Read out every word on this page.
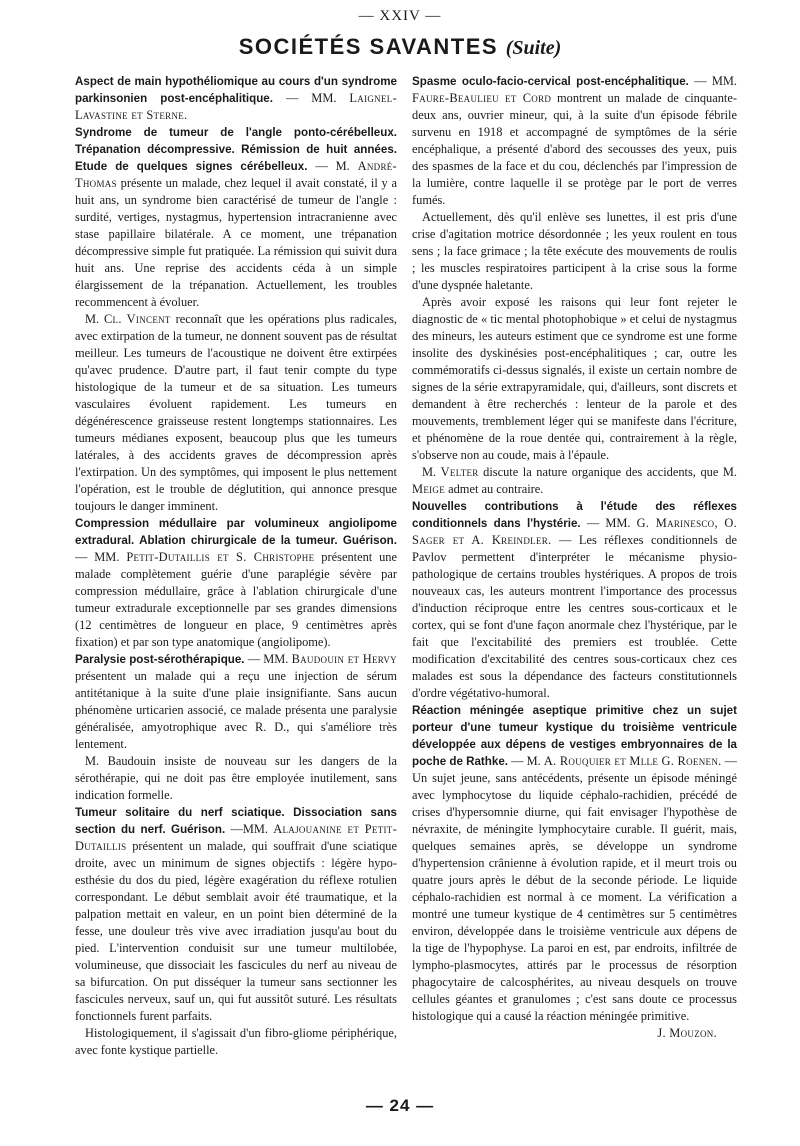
— XXIV —
SOCIÉTÉS SAVANTES (Suite)

Aspect de main hypothéliomique au cours d'un syndrome parkinsonien post-encéphalitique. — MM. Laignel-Lavastine et Sterne.

Syndrome de tumeur de l'angle ponto-cérébelleux. Trépanation décompressive. Rémission de huit années. Etude de quelques signes cérébelleux. — M. André-Thomas présente un malade, chez lequel il avait constaté, il y a huit ans, un syndrome bien caractérisé de tumeur de l'angle : surdité, vertiges, nystagmus, hypertension intracranienne avec stase papillaire bilatérale. A ce moment, une trépanation décompressive simple fut pratiquée. La rémission qui suivit dura huit ans. Une reprise des accidents céda à un simple élargissement de la trépanation. Actuellement, les troubles recommencent à évoluer.

M. Cl. Vincent reconnaît que les opérations plus radicales, avec extirpation de la tumeur, ne donnent souvent pas de résultat meilleur. Les tumeurs de l'acoustique ne doivent être extirpées qu'avec prudence. D'autre part, il faut tenir compte du type histologique de la tumeur et de sa situation. Les tumeurs vasculaires évoluent rapidement. Les tumeurs en dégénérescence graisseuse restent longtemps stationnaires. Les tumeurs médianes exposent, beaucoup plus que les tumeurs latérales, à des accidents graves de décompression après l'extirpation. Un des symptômes, qui imposent le plus nettement l'opération, est le trouble de déglutition, qui annonce presque toujours le danger imminent.

Compression médullaire par volumineux angiolipome extradural. Ablation chirurgicale de la tumeur. Guérison. — MM. Petit-Dutaillis et S. Christophe présentent une malade complètement guérie d'une paraplégie sévère par compression médullaire, grâce à l'ablation chirurgicale d'une tumeur extradurale exceptionnelle par ses grandes dimensions (12 centimètres de longueur en place, 9 centimètres après fixation) et par son type anatomique (angiolipome).

Paralysie post-sérothérapique. — MM. Baudouin et Hervy présentent un malade qui a reçu une injection de sérum antitétanique à la suite d'une plaie insignifiante. Sans aucun phénomène urticarien associé, ce malade présenta une paralysie généralisée, amyotrophique avec R. D., qui s'améliore très lentement.

M. Baudouin insiste de nouveau sur les dangers de la sérothérapie, qui ne doit pas être employée inutilement, sans indication formelle.

Tumeur solitaire du nerf sciatique. Dissociation sans section du nerf. Guérison. —MM. Alajouanine et Petit-Dutaillis présentent un malade, qui souffrait d'une sciatique droite, avec un minimum de signes objectifs : légère hypo-esthésie du dos du pied, légère exagération du réflexe rotulien correspondant. Le début semblait avoir été traumatique, et la palpation mettait en valeur, en un point bien déterminé de la fesse, une douleur très vive avec irradiation jusqu'au bout du pied. L'intervention conduisit sur une tumeur multilobée, volumineuse, que dissociait les fascicules du nerf au niveau de sa bifurcation. On put disséquer la tumeur sans sectionner les fascicules nerveux, sauf un, qui fut aussitôt suturé. Les résultats fonctionnels furent parfaits.

Histologiquement, il s'agissait d'un fibro-gliome périphérique, avec fonte kystique partielle.

Spasme oculo-facio-cervical post-encéphalitique. — MM. Faure-Beaulieu et Cord montrent un malade de cinquante-deux ans, ouvrier mineur, qui, à la suite d'un épisode fébrile survenu en 1918 et accompagné de symptômes de la série encéphalique, a présenté d'abord des secousses des yeux, puis des spasmes de la face et du cou, déclenchés par l'impression de la lumière, contre laquelle il se protège par le port de verres fumés.

Actuellement, dès qu'il enlève ses lunettes, il est pris d'une crise d'agitation motrice désordonnée ; les yeux roulent en tous sens ; la face grimace ; la tête exécute des mouvements de roulis ; les muscles respiratoires participent à la crise sous la forme d'une dyspnée haletante.

Après avoir exposé les raisons qui leur font rejeter le diagnostic de « tic mental photophobique » et celui de nystagmus des mineurs, les auteurs estiment que ce syndrome est une forme insolite des dyskinésies post-encéphalitiques ; car, outre les commémoratifs ci-dessus signalés, il existe un certain nombre de signes de la série extrapyramidale, qui, d'ailleurs, sont discrets et demandent à être recherchés : lenteur de la parole et des mouvements, tremblement léger qui se manifeste dans l'écriture, et phénomène de la roue dentée qui, contrairement à la règle, s'observe non au coude, mais à l'épaule.

M. Velter discute la nature organique des accidents, que M. Meige admet au contraire.

Nouvelles contributions à l'étude des réflexes conditionnels dans l'hystérie. — MM. G. Marinesco, O. Sager et A. Kreindler. — Les réflexes conditionnels de Pavlov permettent d'interpréter le mécanisme physio-pathologique de certains troubles hystériques. A propos de trois nouveaux cas, les auteurs montrent l'importance des processus d'induction réciproque entre les centres sous-corticaux et le cortex, qui se font d'une façon anormale chez l'hystérique, par le fait que l'excitabilité des premiers est troublée. Cette modification d'excitabilité des centres sous-corticaux chez ces malades est sous la dépendance des facteurs constitutionnels d'ordre végétativo-humoral.

Réaction méningée aseptique primitive chez un sujet porteur d'une tumeur kystique du troisième ventricule développée aux dépens de vestiges embryonnaires de la poche de Rathke. — M. A. Rouquier et Mlle G. Roenen. — Un sujet jeune, sans antécédents, présente un épisode méningé avec lymphocytose du liquide céphalo-rachidien, précédé de crises d'hypersomnie diurne, qui fait envisager l'hypothèse de névraxite, de méningite lymphocytaire curable. Il guérit, mais, quelques semaines après, se développe un syndrome d'hypertension crânienne à évolution rapide, et il meurt trois ou quatre jours après le début de la seconde période. Le liquide céphalo-rachidien est normal à ce moment. La vérification a montré une tumeur kystique de 4 centimètres sur 5 centimètres environ, développée dans le troisième ventricule aux dépens de la tige de l'hypophyse. La paroi en est, par endroits, infiltrée de lympho-plasmocytes, attirés par le processus de résorption phagocytaire de calcosphérites, au niveau desquels on trouve cellules géantes et granulomes ; c'est sans doute ce processus histologique qui a causé la réaction méningée primitive.

J. Mouzon.

— 24 —
